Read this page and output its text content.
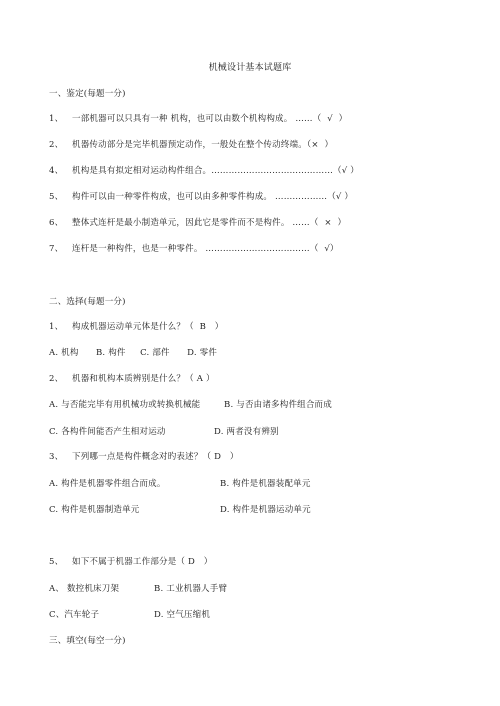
机械设计基本试题库

一、鉴定(每题一分)

1、   一部机器可以只具有一种 机构，也可以由数个机构构成。 ……（  √  ）

2、   机器传动部分是完毕机器预定动作，一般处在整个传动终端。（×  ）

4、   机构是具有拟定相对运动构件组合。……………………………………（√ ）

5、   构件可以由一种零件构成，也可以由多种零件构成。 ………………（√ ）

6、   整体式连杆是最小制造单元，因此它是零件而不是构件。 ……（  ×  ）

7、   连杆是一种构件，也是一种零件。 ………………………………（  √）

二、选择(每题一分)

1、   构成机器运动单元体是什么？（  B   ）

A. 机构      B. 构件     C. 部件      D. 零件

2、   机器和机构本质辨别是什么？（ A ）

A. 与否能完毕有用机械功或转换机械能	B. 与否由诸多构件组合而成

C. 各构件间能否产生相对运动	D. 两者没有辨别

3、   下列哪一点是构件概念对旳表述？（ D   ）

A. 构件是机器零件组合而成。	B. 构件是机器装配单元

C. 构件是机器制造单元	D. 构件是机器运动单元

5、   如下不属于机器工作部分是（ D   ）

A、 数控机床刀架	B. 工业机器人手臂

C、汽车轮子	D. 空气压缩机

三、填空(每空一分)
